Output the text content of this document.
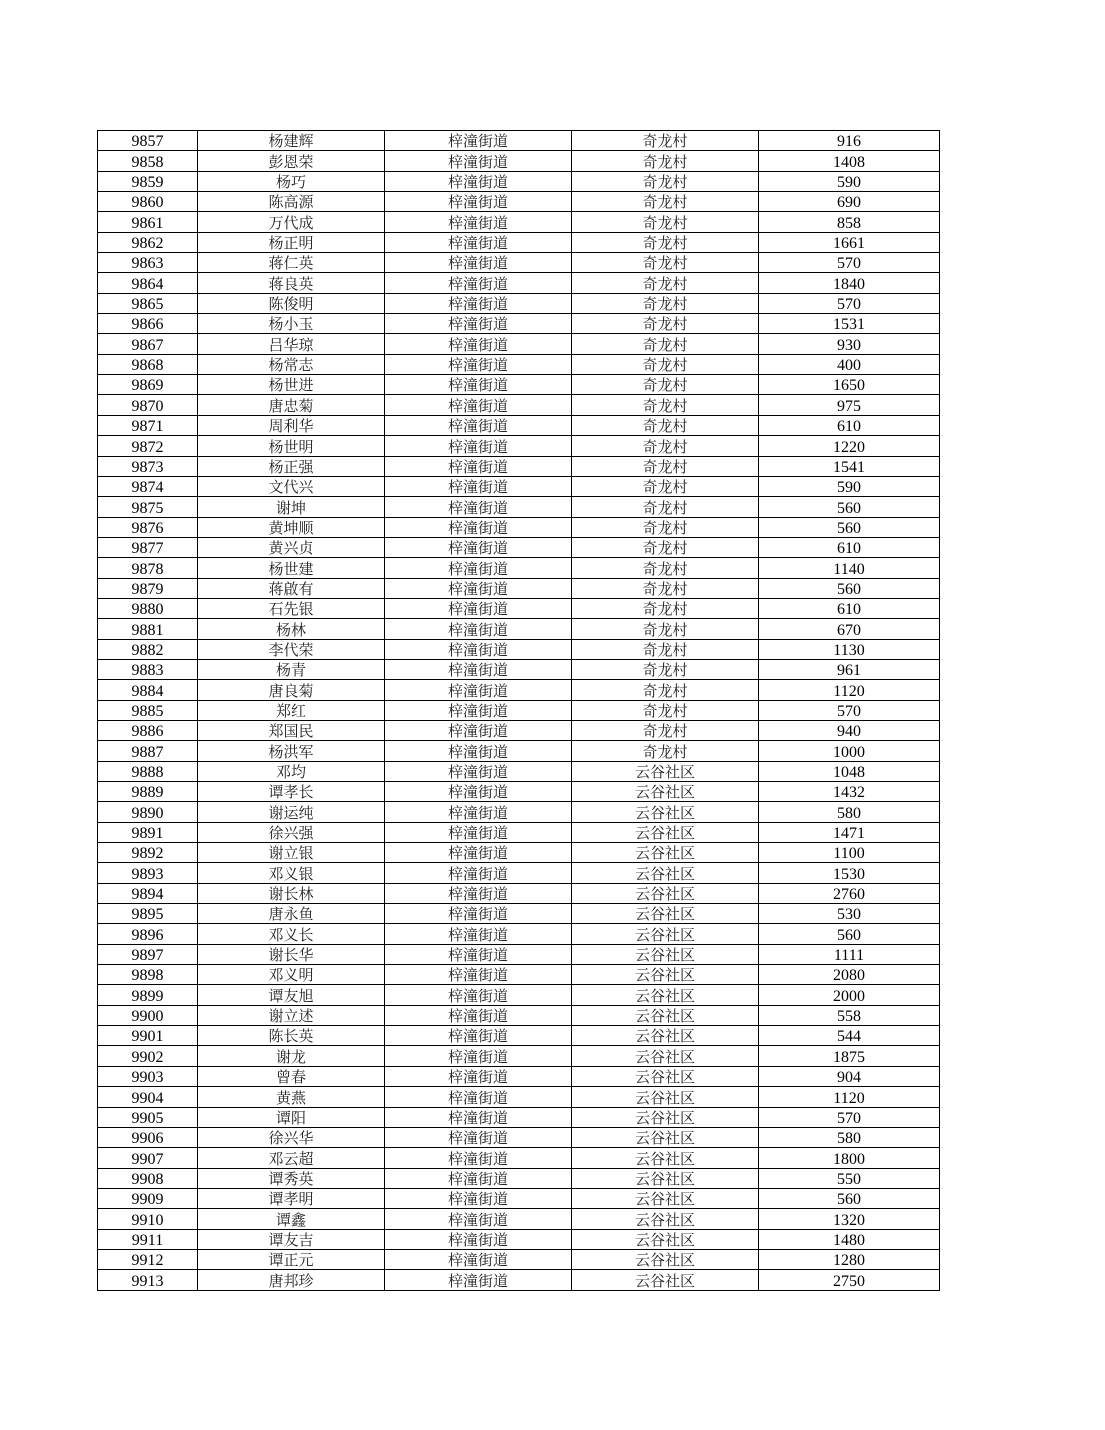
9857	杨建辉	梓潼街道	奇龙村	916
9858	彭恩荣	梓潼街道	奇龙村	1408
9859	杨巧	梓潼街道	奇龙村	590
9860	陈高源	梓潼街道	奇龙村	690
9861	万代成	梓潼街道	奇龙村	858
9862	杨正明	梓潼街道	奇龙村	1661
9863	蒋仁英	梓潼街道	奇龙村	570
9864	蒋良英	梓潼街道	奇龙村	1840
9865	陈俊明	梓潼街道	奇龙村	570
9866	杨小玉	梓潼街道	奇龙村	1531
9867	吕华琼	梓潼街道	奇龙村	930
9868	杨常志	梓潼街道	奇龙村	400
9869	杨世进	梓潼街道	奇龙村	1650
9870	唐忠菊	梓潼街道	奇龙村	975
9871	周利华	梓潼街道	奇龙村	610
9872	杨世明	梓潼街道	奇龙村	1220
9873	杨正强	梓潼街道	奇龙村	1541
9874	文代兴	梓潼街道	奇龙村	590
9875	谢坤	梓潼街道	奇龙村	560
9876	黄坤顺	梓潼街道	奇龙村	560
9877	黄兴贞	梓潼街道	奇龙村	610
9878	杨世建	梓潼街道	奇龙村	1140
9879	蒋啟有	梓潼街道	奇龙村	560
9880	石先银	梓潼街道	奇龙村	610
9881	杨林	梓潼街道	奇龙村	670
9882	李代荣	梓潼街道	奇龙村	1130
9883	杨青	梓潼街道	奇龙村	961
9884	唐良菊	梓潼街道	奇龙村	1120
9885	郑红	梓潼街道	奇龙村	570
9886	郑国民	梓潼街道	奇龙村	940
9887	杨洪军	梓潼街道	奇龙村	1000
9888	邓均	梓潼街道	云谷社区	1048
9889	谭孝长	梓潼街道	云谷社区	1432
9890	谢运纯	梓潼街道	云谷社区	580
9891	徐兴强	梓潼街道	云谷社区	1471
9892	谢立银	梓潼街道	云谷社区	1100
9893	邓义银	梓潼街道	云谷社区	1530
9894	谢长林	梓潼街道	云谷社区	2760
9895	唐永鱼	梓潼街道	云谷社区	530
9896	邓义长	梓潼街道	云谷社区	560
9897	谢长华	梓潼街道	云谷社区	1111
9898	邓义明	梓潼街道	云谷社区	2080
9899	谭友旭	梓潼街道	云谷社区	2000
9900	谢立述	梓潼街道	云谷社区	558
9901	陈长英	梓潼街道	云谷社区	544
9902	谢龙	梓潼街道	云谷社区	1875
9903	曾春	梓潼街道	云谷社区	904
9904	黄燕	梓潼街道	云谷社区	1120
9905	谭阳	梓潼街道	云谷社区	570
9906	徐兴华	梓潼街道	云谷社区	580
9907	邓云超	梓潼街道	云谷社区	1800
9908	谭秀英	梓潼街道	云谷社区	550
9909	谭孝明	梓潼街道	云谷社区	560
9910	谭鑫	梓潼街道	云谷社区	1320
9911	谭友吉	梓潼街道	云谷社区	1480
9912	谭正元	梓潼街道	云谷社区	1280
9913	唐邦珍	梓潼街道	云谷社区	2750
